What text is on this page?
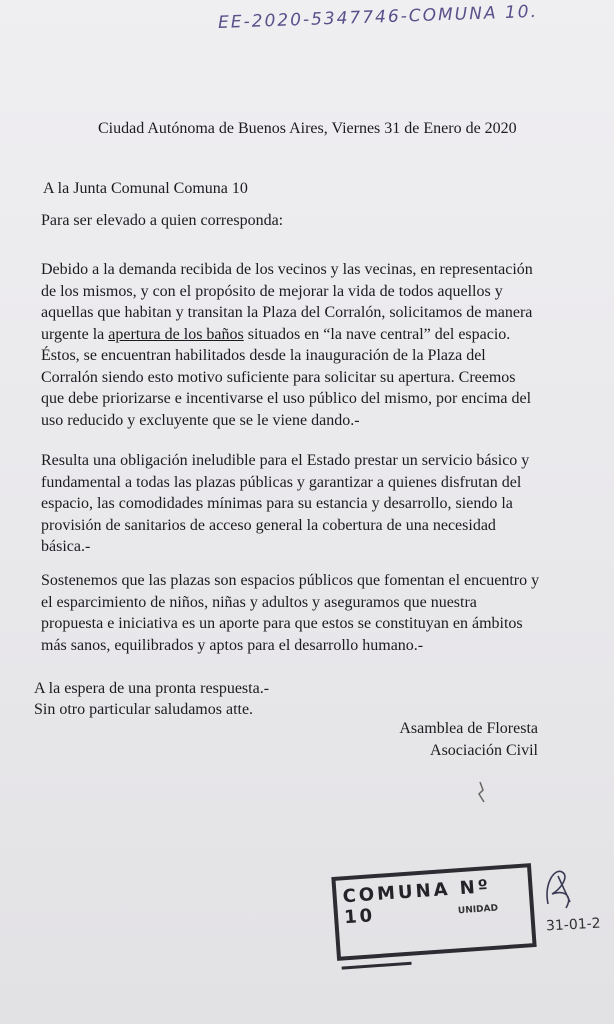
EE-2020-5347746-COMUNA 10.
Ciudad Autónoma de Buenos Aires, Viernes 31 de Enero de 2020
A la Junta Comunal Comuna 10
Para ser elevado a quien corresponda:
Debido a la demanda recibida de los vecinos y las vecinas, en representación de los mismos, y con el propósito de mejorar la vida de todos aquellos y aquellas que habitan y transitan la Plaza del Corralón, solicitamos de manera urgente la apertura de los baños situados en “la nave central” del espacio. Éstos, se encuentran habilitados desde la inauguración de la Plaza del Corralón siendo esto motivo suficiente para solicitar su apertura. Creemos que debe priorizarse e incentivarse el uso público del mismo, por encima del uso reducido y excluyente que se le viene dando.-
Resulta una obligación ineludible para el Estado prestar un servicio básico y fundamental a todas las plazas públicas y garantizar a quienes disfrutan del espacio, las comodidades mínimas para su estancia y desarrollo, siendo la provisión de sanitarios de acceso general la cobertura de una necesidad básica.-
Sostenemos que las plazas son espacios públicos que fomentan el encuentro y el esparcimiento de niños, niñas y adultos y aseguramos que nuestra propuesta e iniciativa es un aporte para que estos se constituyan en ámbitos más sanos, equilibrados y aptos para el desarrollo humano.-
A la espera de una pronta respuesta.-
Sin otro particular saludamos atte.
Asamblea de Floresta
Asociación Civil
COMUNA Nº 10	UNIDAD
31-01-2
